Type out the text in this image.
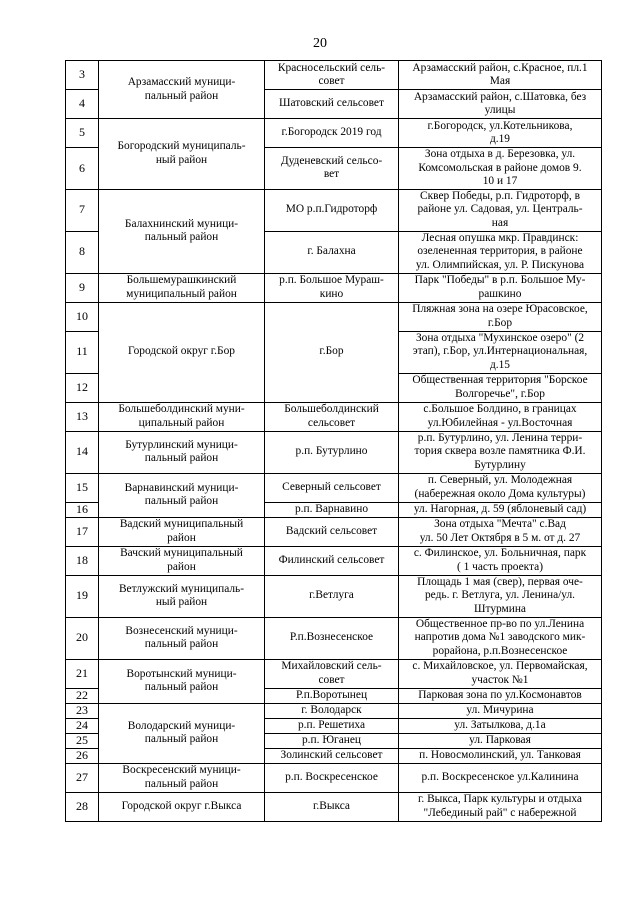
20
3	Арзамасский муници-
пальный район	Красносельский сель-
совет	Арзамасский район, с.Красное, пл.1
Мая
4		Шатовский сельсовет	Арзамасский район, с.Шатовка, без
улицы
5	Богородский муниципаль-
ный район	г.Богородск 2019 год	г.Богородск, ул.Котельникова,
д.19
6		Дуденевский сельсо-
вет	Зона отдыха в д. Березовка, ул.
Комсомольская в районе домов 9.
10 и 17
7	Балахнинский муници-
пальный район	МО р.п.Гидроторф	Сквер Победы, р.п. Гидроторф, в
районе ул. Садовая, ул. Централь-
ная
8		г. Балахна	Лесная опушка мкр. Правдинск:
озелененная территория, в районе
ул. Олимпийская, ул. Р. Пискунова
9	Большемурашкинский
муниципальный район	р.п. Большое Мураш-
кино	Парк "Победы" в р.п. Большое Му-
рашкино
10	Городской округ г.Бор	г.Бор	Пляжная зона на озере Юрасовское,
г.Бор
11			Зона отдыха "Мухинское озеро" (2
этап), г.Бор, ул.Интернациональная,
д.15
12			Общественная территория "Борское
Волгоречье", г.Бор
13	Большеболдинский муни-
ципальный район	Большеболдинский
сельсовет	с.Большое Болдино, в границах
ул.Юбилейная - ул.Восточная
14	Бутурлинский муници-
пальный район	р.п. Бутурлино	р.п. Бутурлино, ул. Ленина терри-
тория сквера возле памятника Ф.И.
Бутурлину
15	Варнавинский муници-
пальный район	Северный сельсовет	п. Северный, ул. Молодежная
(набережная около Дома культуры)
16		р.п. Варнавино	ул. Нагорная, д. 59 (яблоневый сад)
17	Вадский муниципальный
район	Вадский сельсовет	Зона отдыха "Мечта" с.Вад
ул. 50 Лет Октября в 5 м. от д. 27
18	Вачский муниципальный
район	Филинский сельсовет	с. Филинское, ул. Больничная, парк
( 1 часть проекта)
19	Ветлужский муниципаль-
ный район	г.Ветлуга	Площадь 1 мая (свер), первая оче-
редь. г. Ветлуга, ул. Ленина/ул.
Штурмина
20	Вознесенский муници-
пальный район	Р.п.Вознесенское	Общественное пр-во по ул.Ленина
напротив дома №1 заводского мик-
рорайона, р.п.Вознесенское
21	Воротынский муници-
пальный район	Михайловский сель-
совет	с. Михайловское, ул. Первомайская,
участок №1
22		Р.п.Воротынец	Парковая зона по ул.Космонавтов
23	Володарский муници-
пальный район	г. Володарск	ул. Мичурина
24		р.п. Решетиха	ул. Затылкова, д.1а
25		р.п. Юганец	ул. Парковая
26		Золинский сельсовет	п. Новосмолинский, ул. Танковая
27	Воскресенский муници-
пальный район	р.п. Воскресенское	р.п. Воскресенское ул.Калинина
28	Городской округ г.Выкса	г.Выкса	г. Выкса, Парк культуры и отдыха
"Лебединый рай" с набережной
